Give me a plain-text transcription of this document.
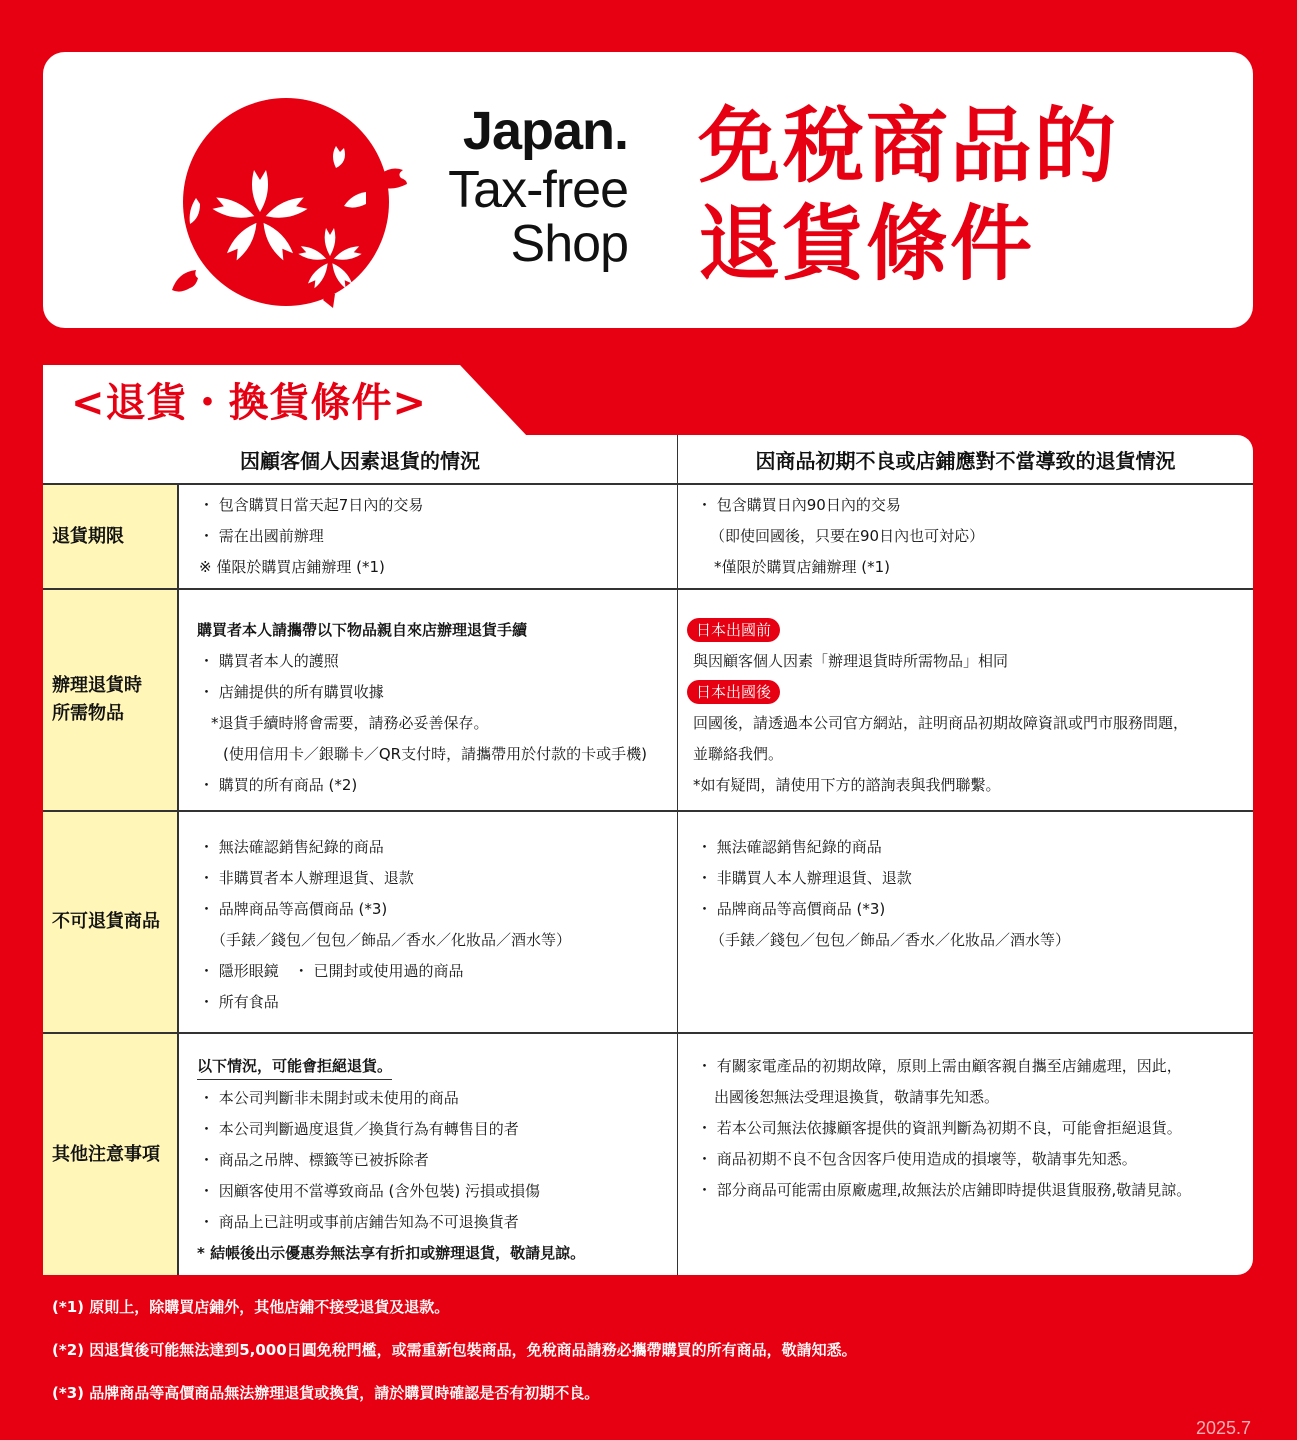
Japan.
Tax-free
Shop
免稅商品的
退貨條件
<退貨・換貨條件>
因顧客個人因素退貨的情況	因商品初期不良或店鋪應對不當導致的退貨情況
退貨期限
・ 包含購買日當天起7日內的交易
・ 需在出國前辦理
※ 僅限於購買店鋪辦理 (*1)
・ 包含購買日內90日內的交易
（即使回國後，只要在90日內也可対応）
*僅限於購買店鋪辦理 (*1)
辦理退貨時
所需物品
購買者本人請攜帶以下物品親自來店辦理退貨手續
・ 購買者本人的護照
・ 店鋪提供的所有購買收據
*退貨手續時將會需要，請務必妥善保存。
(使用信用卡／銀聯卡／QR支付時，請攜帶用於付款的卡或手機)
・ 購買的所有商品 (*2)
日本出國前
與因顧客個人因素「辦理退貨時所需物品」相同
日本出國後
回國後，請透過本公司官方網站，註明商品初期故障資訊或門市服務問題，
並聯絡我們。
*如有疑問，請使用下方的諮詢表與我們聯繫。
不可退貨商品
・ 無法確認銷售紀錄的商品
・ 非購買者本人辦理退貨、退款
・ 品牌商品等高價商品 (*3)
（手錶／錢包／包包／飾品／香水／化妝品／酒水等）
・ 隱形眼鏡　・ 已開封或使用過的商品
・ 所有食品
・ 無法確認銷售紀錄的商品
・ 非購買人本人辦理退貨、退款
・ 品牌商品等高價商品 (*3)
（手錶／錢包／包包／飾品／香水／化妝品／酒水等）
其他注意事項
以下情況，可能會拒絕退貨。
・ 本公司判斷非未開封或未使用的商品
・ 本公司判斷過度退貨／換貨行為有轉售目的者
・ 商品之吊牌、標籤等已被拆除者
・ 因顧客使用不當導致商品 (含外包裝) 污損或損傷
・ 商品上已註明或事前店鋪告知為不可退換貨者
* 結帳後出示優惠券無法享有折扣或辦理退貨，敬請見諒。
・ 有關家電產品的初期故障，原則上需由顧客親自攜至店鋪處理，因此，
出國後恕無法受理退換貨，敬請事先知悉。
・ 若本公司無法依據顧客提供的資訊判斷為初期不良，可能會拒絕退貨。
・ 商品初期不良不包含因客戶使用造成的損壞等，敬請事先知悉。
・ 部分商品可能需由原廠處理,故無法於店鋪即時提供退貨服務,敬請見諒。
(*1) 原則上，除購買店鋪外，其他店鋪不接受退貨及退款。
(*2) 因退貨後可能無法達到5,000日圓免稅門檻，或需重新包裝商品，免稅商品請務必攜帶購買的所有商品，敬請知悉。
(*3) 品牌商品等高價商品無法辦理退貨或換貨，請於購買時確認是否有初期不良。
2025.7
